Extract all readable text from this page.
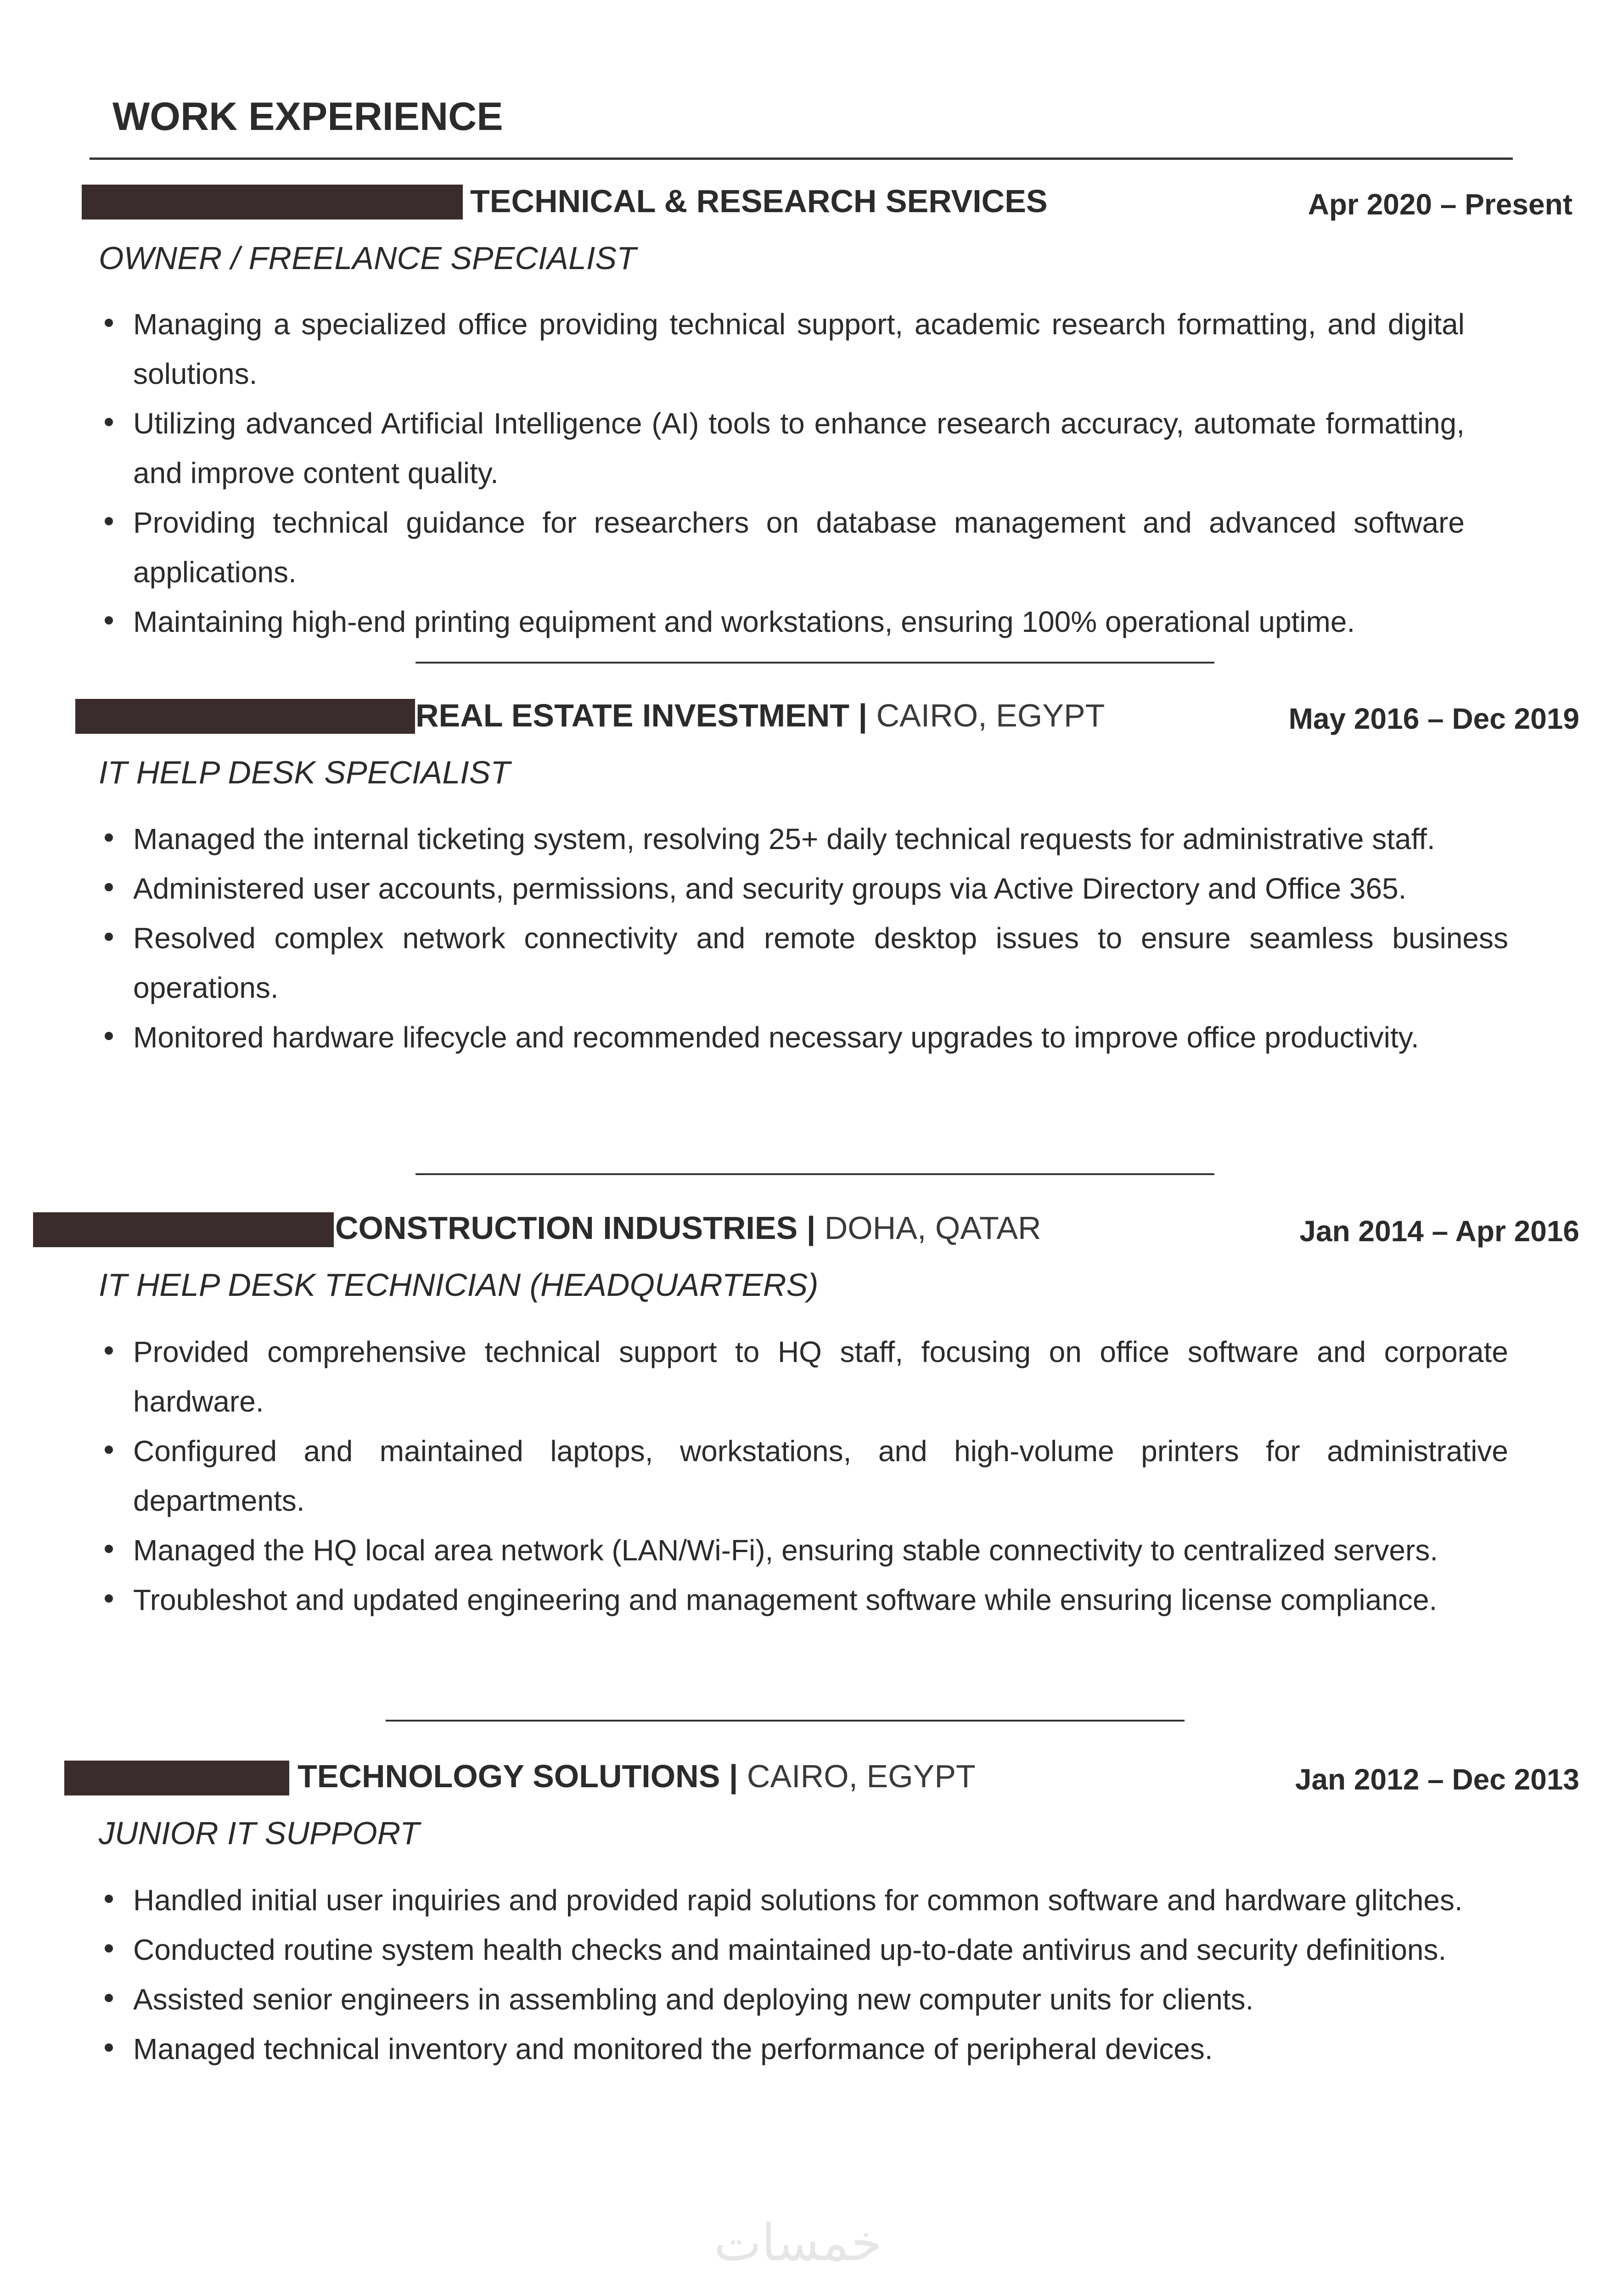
WORK EXPERIENCE
TECHNICAL & RESEARCH SERVICES	Apr 2020 – Present
OWNER / FREELANCE SPECIALIST
Managing a specialized office providing technical support, academic research formatting, and digital solutions.
Utilizing advanced Artificial Intelligence (AI) tools to enhance research accuracy, automate formatting, and improve content quality.
Providing technical guidance for researchers on database management and advanced software applications.
Maintaining high-end printing equipment and workstations, ensuring 100% operational uptime.
REAL ESTATE INVESTMENT | CAIRO, EGYPT	May 2016 – Dec 2019
IT HELP DESK SPECIALIST
Managed the internal ticketing system, resolving 25+ daily technical requests for administrative staff.
Administered user accounts, permissions, and security groups via Active Directory and Office 365.
Resolved complex network connectivity and remote desktop issues to ensure seamless business operations.
Monitored hardware lifecycle and recommended necessary upgrades to improve office productivity.
CONSTRUCTION INDUSTRIES | DOHA, QATAR	Jan 2014 – Apr 2016
IT HELP DESK TECHNICIAN (HEADQUARTERS)
Provided comprehensive technical support to HQ staff, focusing on office software and corporate hardware.
Configured and maintained laptops, workstations, and high-volume printers for administrative departments.
Managed the HQ local area network (LAN/Wi-Fi), ensuring stable connectivity to centralized servers.
Troubleshot and updated engineering and management software while ensuring license compliance.
TECHNOLOGY SOLUTIONS | CAIRO, EGYPT	Jan 2012 – Dec 2013
JUNIOR IT SUPPORT
Handled initial user inquiries and provided rapid solutions for common software and hardware glitches.
Conducted routine system health checks and maintained up-to-date antivirus and security definitions.
Assisted senior engineers in assembling and deploying new computer units for clients.
Managed technical inventory and monitored the performance of peripheral devices.
خمسات
